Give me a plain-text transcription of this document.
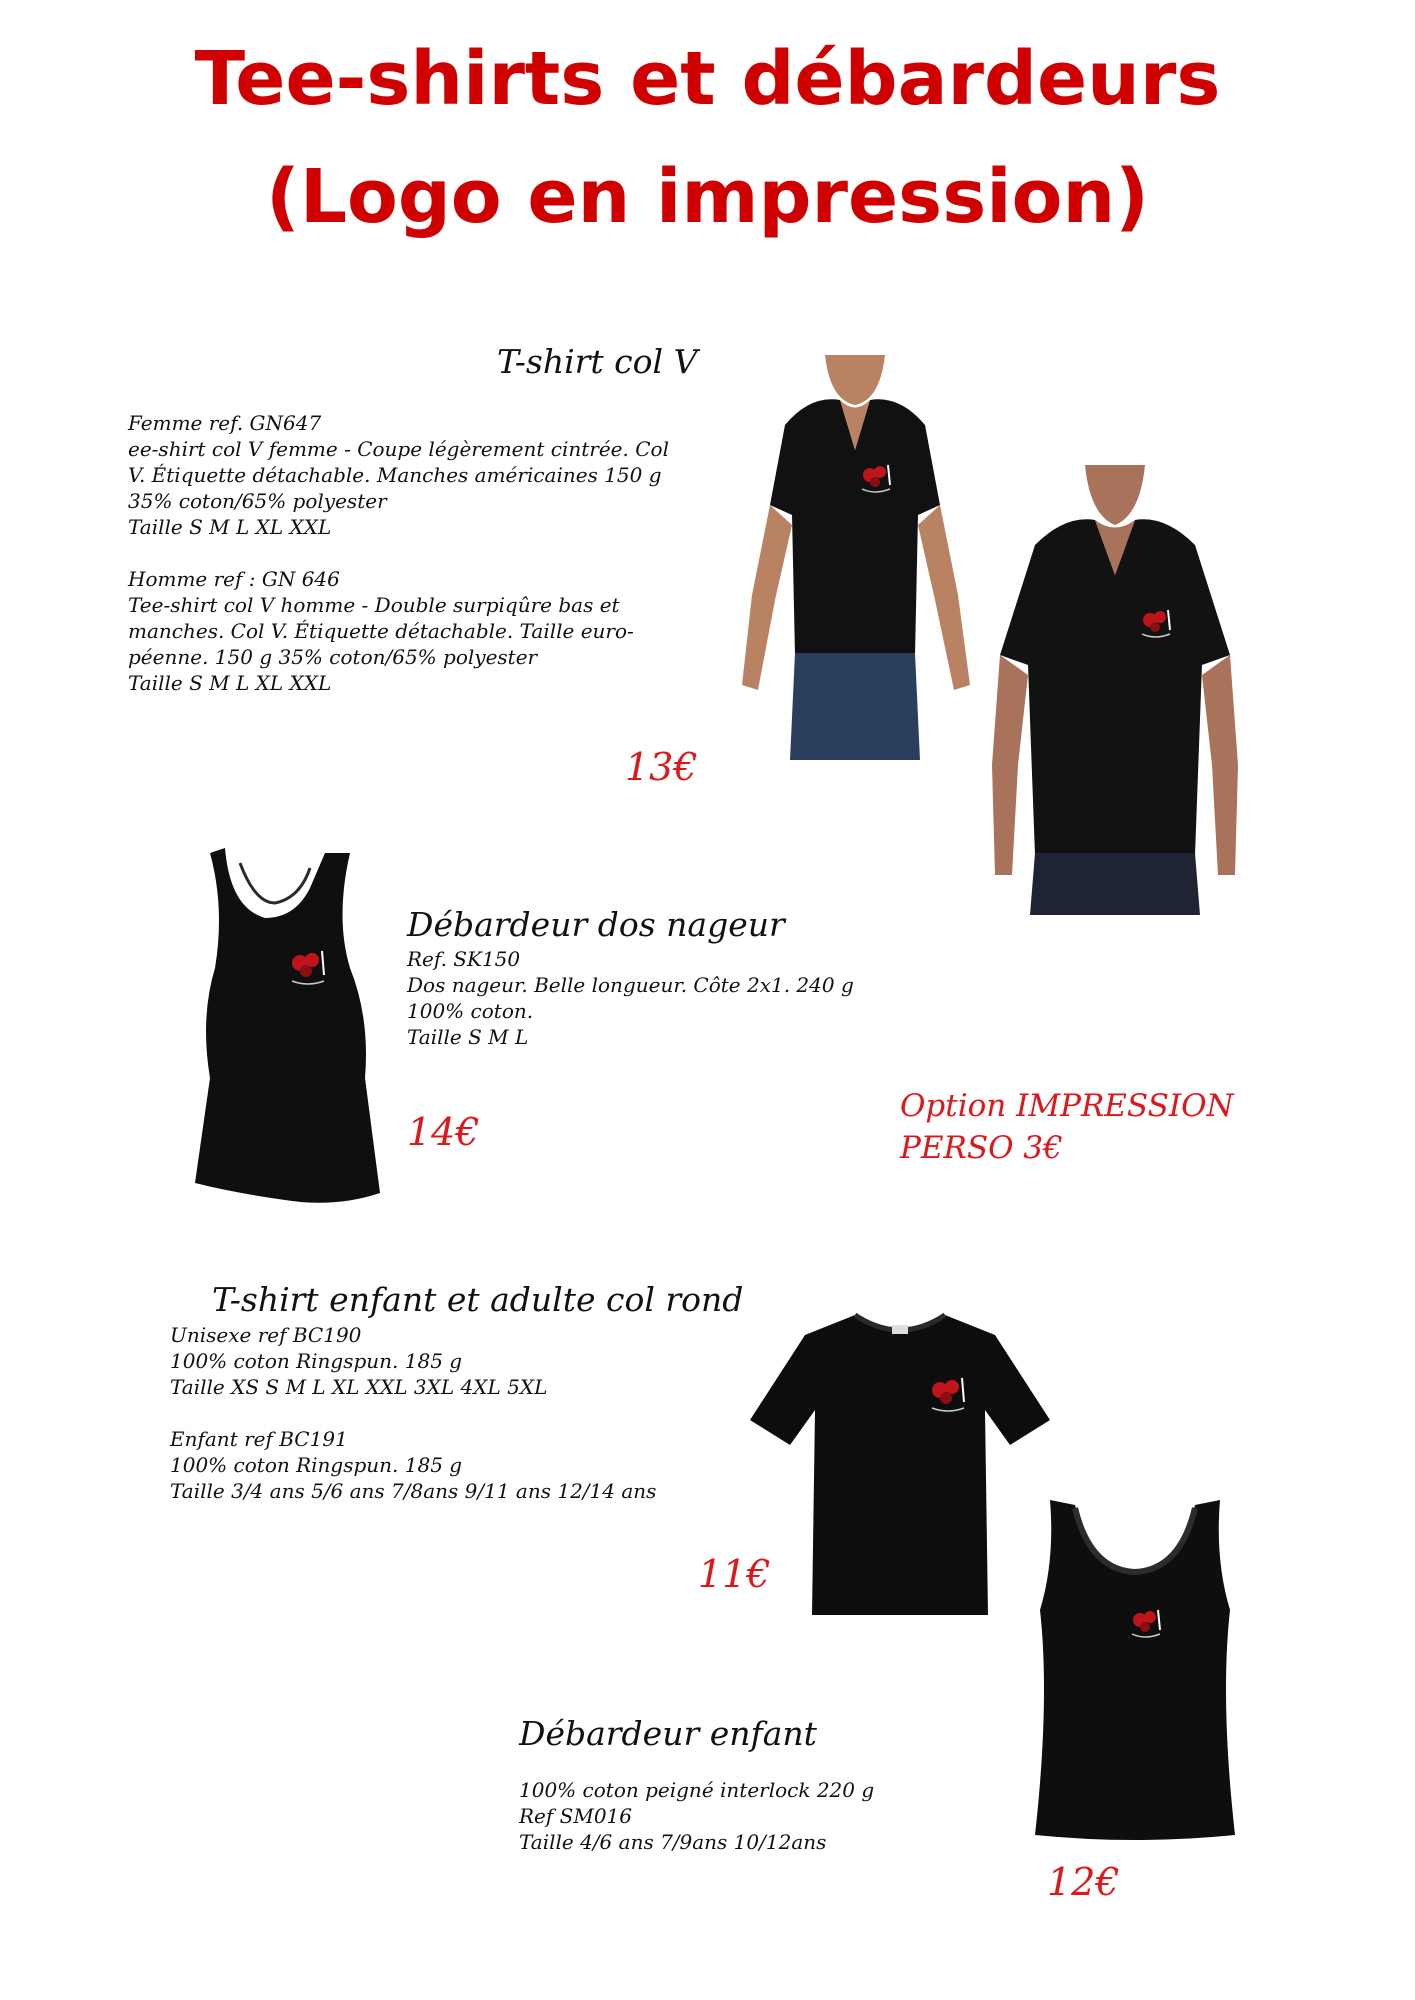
Tee-shirts et débardeurs
(Logo en impression)
T-shirt col V
Femme ref. GN647
ee-shirt col V femme - Coupe légèrement cintrée. Col
V. Étiquette détachable. Manches américaines 150 g
35% coton/65% polyester
Taille S M L XL XXL
Homme ref : GN 646
Tee-shirt col V homme - Double surpiqûre bas et
manches. Col V. Étiquette détachable. Taille euro-
péenne. 150 g 35% coton/65% polyester
Taille S M L XL XXL
13€
Débardeur dos nageur
Ref. SK150
Dos nageur. Belle longueur. Côte 2x1. 240 g
100% coton.
Taille S M L
14€
Option IMPRESSION
PERSO 3€
T-shirt enfant et adulte col rond
Unisexe ref BC190
100% coton Ringspun. 185 g
Taille XS S M L XL XXL 3XL 4XL 5XL
Enfant ref BC191
100% coton Ringspun. 185 g
Taille 3/4 ans 5/6 ans 7/8ans 9/11 ans 12/14 ans
11€
Débardeur enfant
100% coton peigné interlock 220 g
Ref SM016
Taille 4/6 ans 7/9ans 10/12ans
12€
